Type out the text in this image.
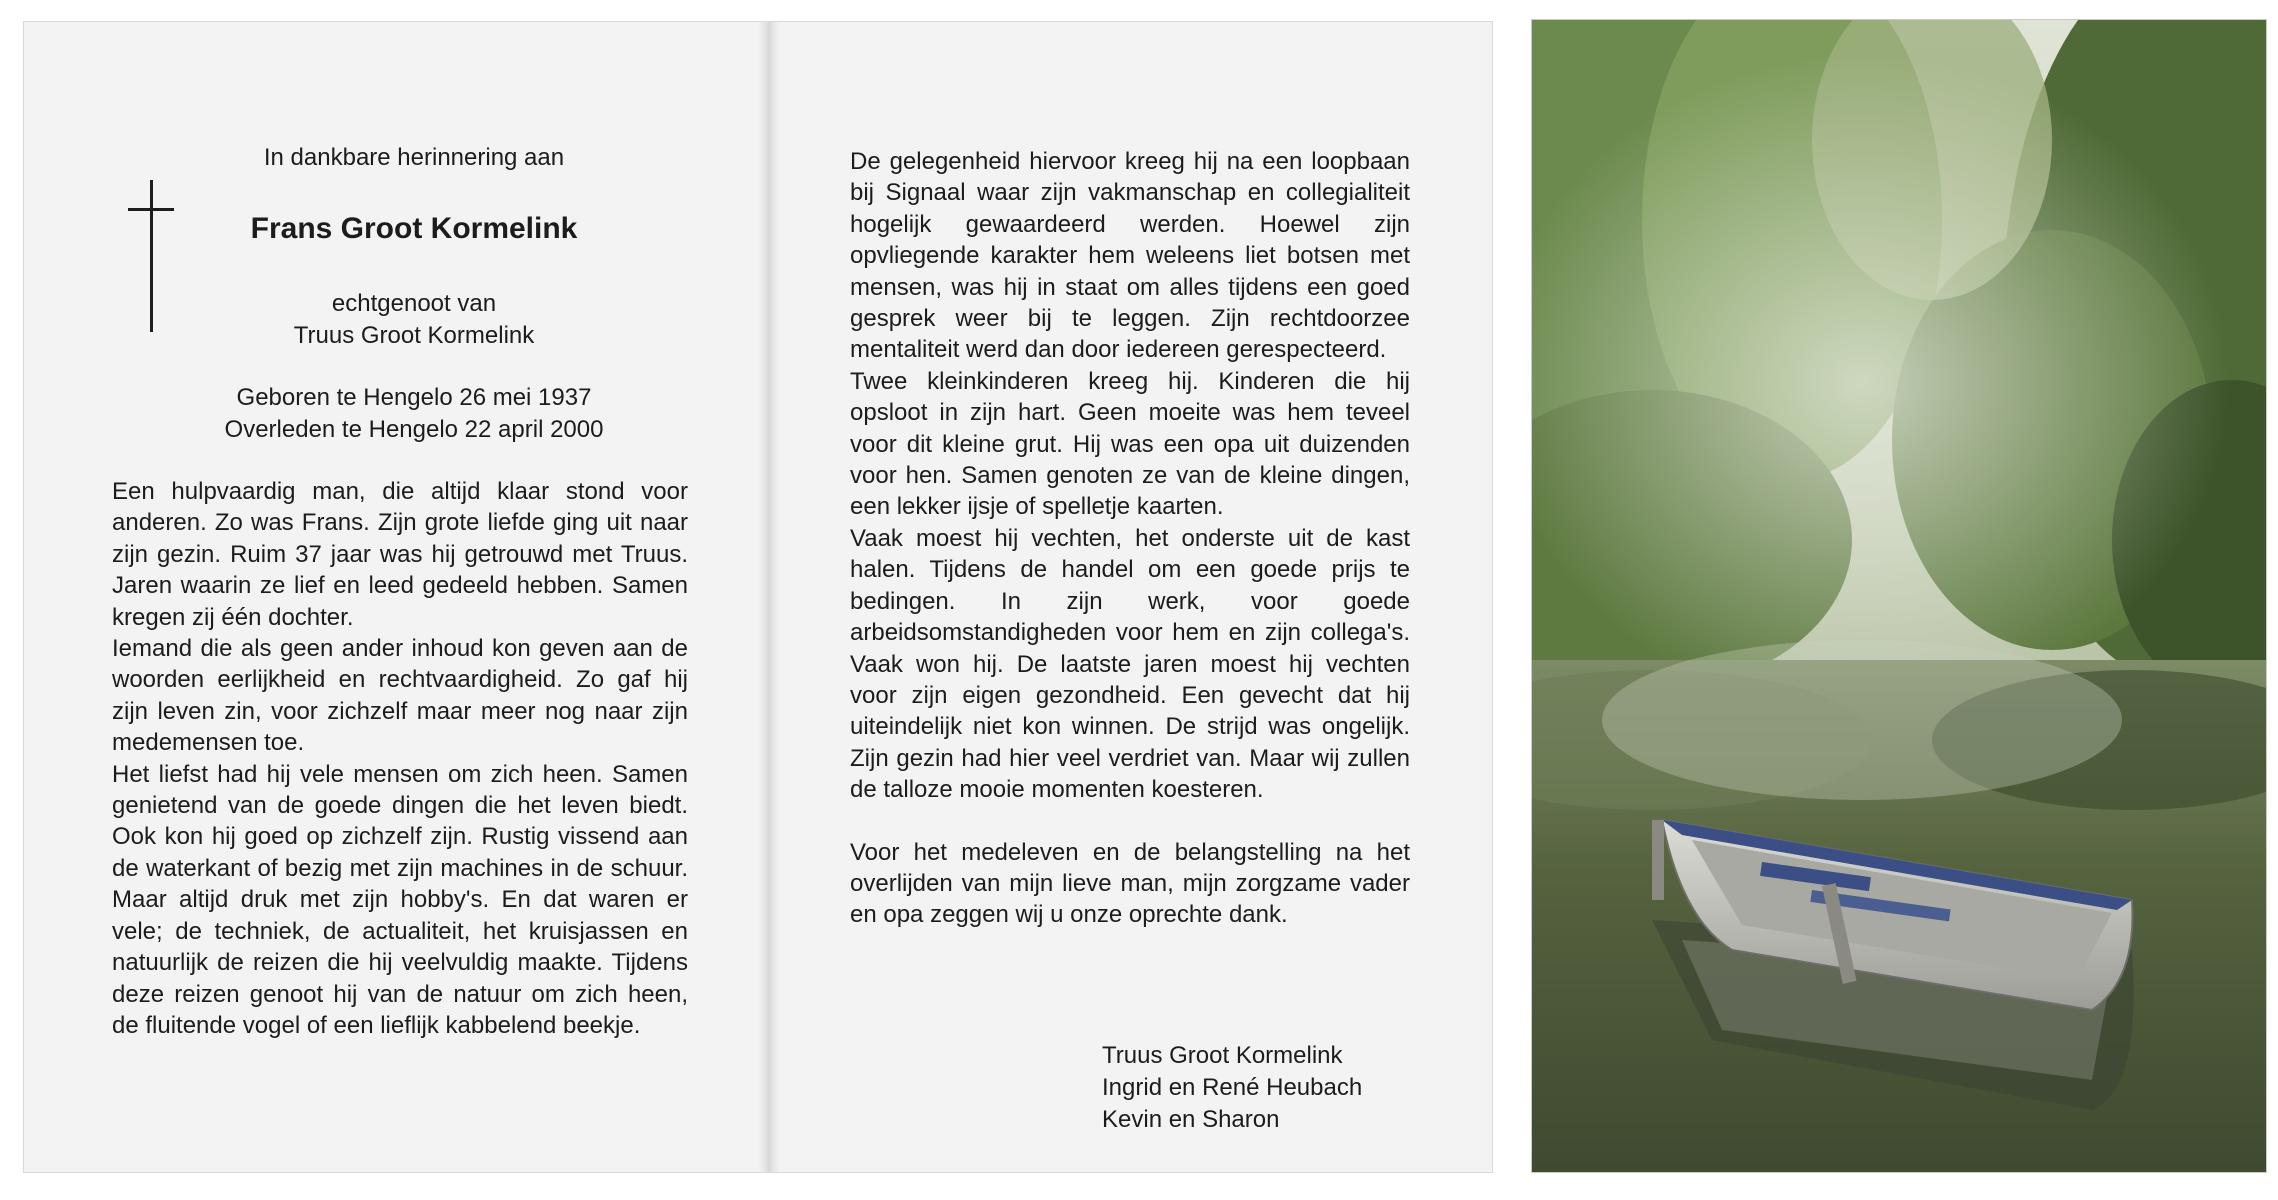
In dankbare herinnering aan
Frans Groot Kormelink
echtgenoot van
Truus Groot Kormelink
Geboren te Hengelo 26 mei 1937
Overleden te Hengelo 22 april 2000

Een hulpvaardig man, die altijd klaar stond voor anderen. Zo was Frans. Zijn grote liefde ging uit naar zijn gezin. Ruim 37 jaar was hij getrouwd met Truus. Jaren waarin ze lief en leed gedeeld hebben. Samen kregen zij één dochter.

Iemand die als geen ander inhoud kon geven aan de woorden eerlijkheid en rechtvaardigheid. Zo gaf hij zijn leven zin, voor zichzelf maar meer nog naar zijn medemensen toe.

Het liefst had hij vele mensen om zich heen. Samen genietend van de goede dingen die het leven biedt. Ook kon hij goed op zichzelf zijn. Rustig vissend aan de waterkant of bezig met zijn machines in de schuur. Maar altijd druk met zijn hobby's. En dat waren er vele; de techniek, de actualiteit, het kruisjassen en natuurlijk de reizen die hij veelvuldig maakte. Tijdens deze reizen genoot hij van de natuur om zich heen, de fluitende vogel of een lieflijk kabbelend beekje.

De gelegenheid hiervoor kreeg hij na een loopbaan bij Signaal waar zijn vakmanschap en collegialiteit hogelijk gewaardeerd werden. Hoewel zijn opvliegende karakter hem weleens liet botsen met mensen, was hij in staat om alles tijdens een goed gesprek weer bij te leggen. Zijn rechtdoorzee mentaliteit werd dan door iedereen gerespecteerd.

Twee kleinkinderen kreeg hij. Kinderen die hij opsloot in zijn hart. Geen moeite was hem teveel voor dit kleine grut. Hij was een opa uit duizenden voor hen. Samen genoten ze van de kleine dingen, een lekker ijsje of spelletje kaarten.

Vaak moest hij vechten, het onderste uit de kast halen. Tijdens de handel om een goede prijs te bedingen. In zijn werk, voor goede arbeidsomstandigheden voor hem en zijn collega's. Vaak won hij. De laatste jaren moest hij vechten voor zijn eigen gezondheid. Een gevecht dat hij uiteindelijk niet kon winnen. De strijd was ongelijk. Zijn gezin had hier veel verdriet van. Maar wij zullen de talloze mooie momenten koesteren.

Voor het medeleven en de belangstelling na het overlijden van mijn lieve man, mijn zorgzame vader en opa zeggen wij u onze oprechte dank.

Truus Groot Kormelink
Ingrid en René Heubach
Kevin en Sharon
